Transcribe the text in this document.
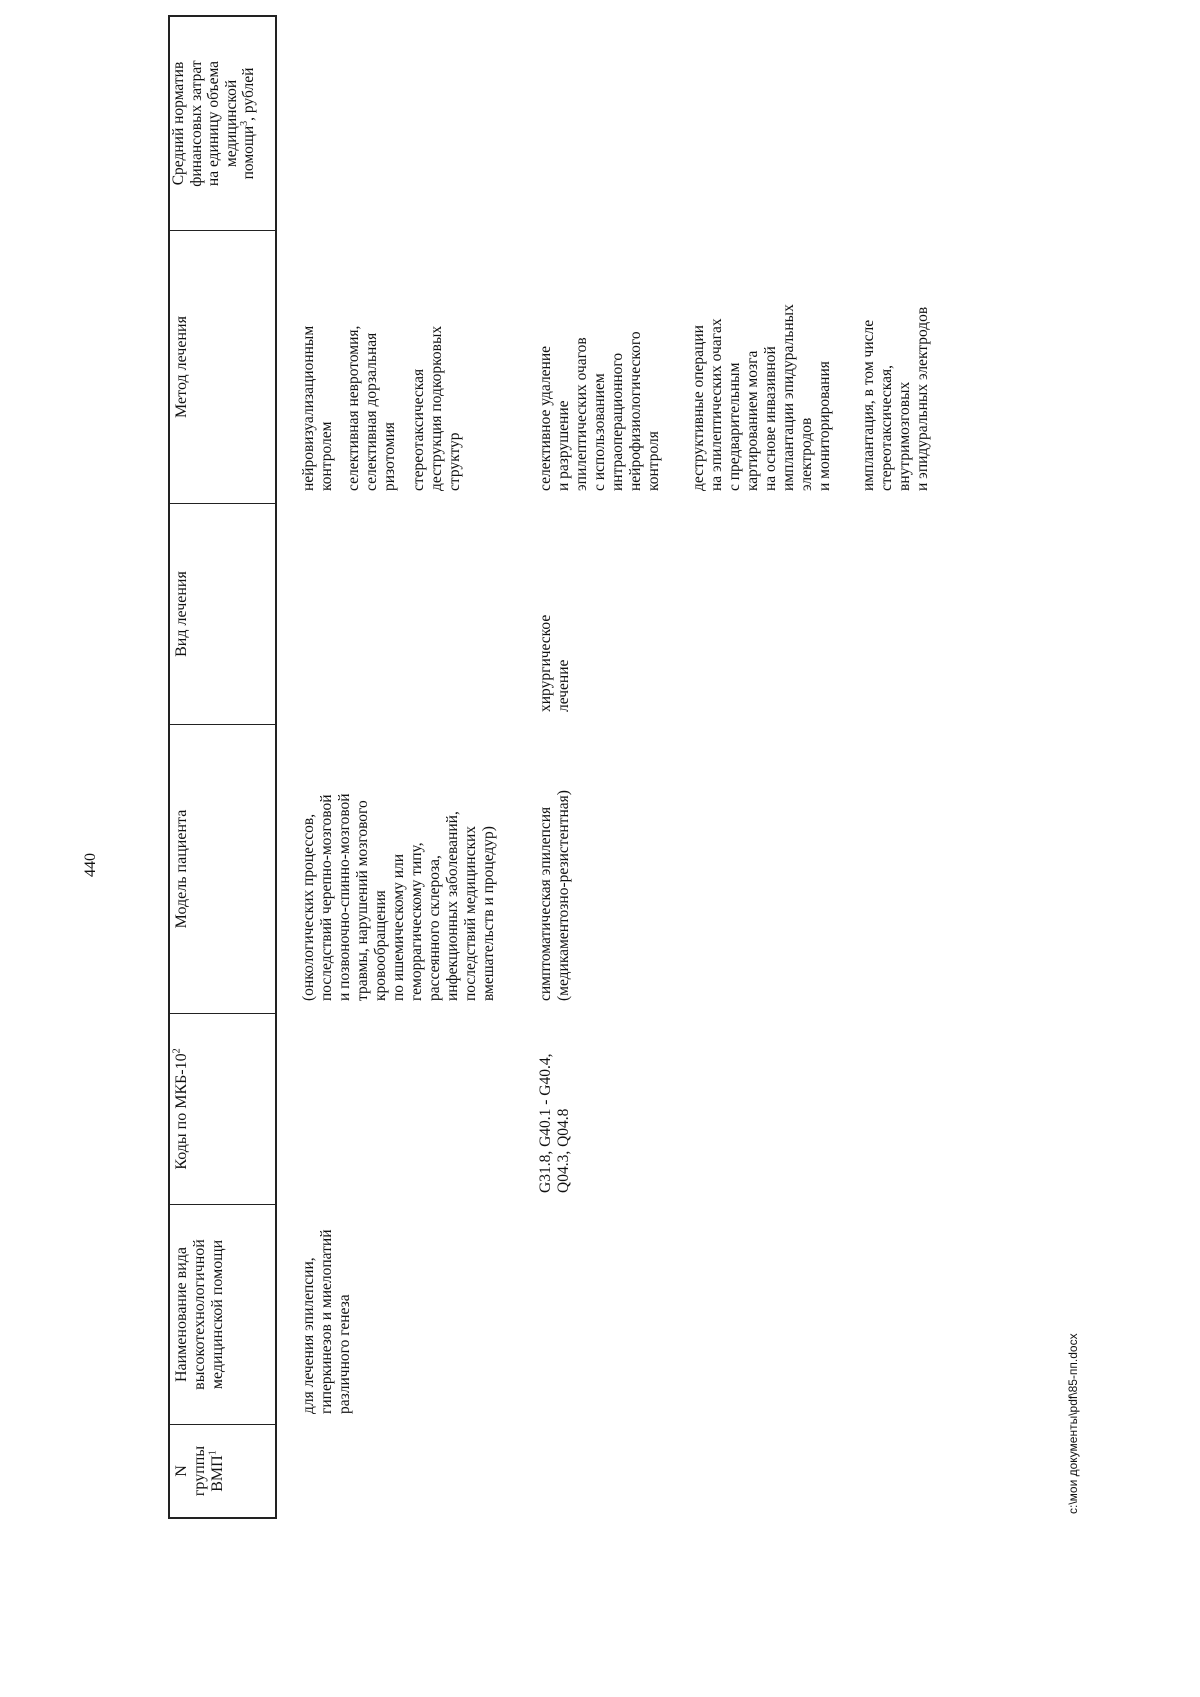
440
N
группы
ВМП$^1$
Наименование вида
высокотехнологичной
медицинской помощи
Коды по МКБ-$10^2$
Модель пациента
Вид лечения
Метод лечения
Средний норматив
финансовых затрат
на единицу объема
медицинской
помощи$^3$, рублей
для лечения эпилепсии,
гиперкинезов и миелопатий
различного генеза
(онкологических процессов,
последствий черепно-мозговой
и позвоночно-спинно-мозговой
травмы, нарушений мозгового
кровообращения
по ишемическому или
геморрагическому типу,
рассеянного склероза,
инфекционных заболеваний,
последствий медицинских
вмешательств и процедур)
нейровизуализационным
контролем селективная невротомия,
селективная дорзальная
ризотомия стереотаксическая
деструкция подкорковых
структур
G31.8, G40.1 - G40.4,
Q04.3, Q04.8
симптоматическая эпилепсия
(медикаментозно-резистентная)
хирургическое
лечение
селективное удаление
и разрушение
эпилептических очагов
с использованием
интраоперационного
нейрофизиологического
контроля деструктивные операции
на эпилептических очагах
с предварительным
картированием мозга
на основе инвазивной
имплантации эпидуральных
электродов
и мониторирования имплантация, в том числе
стереотаксическая,
внутримозговых
и эпидуральных электродов
c:\мои документы\pdf\85-пп.docx
